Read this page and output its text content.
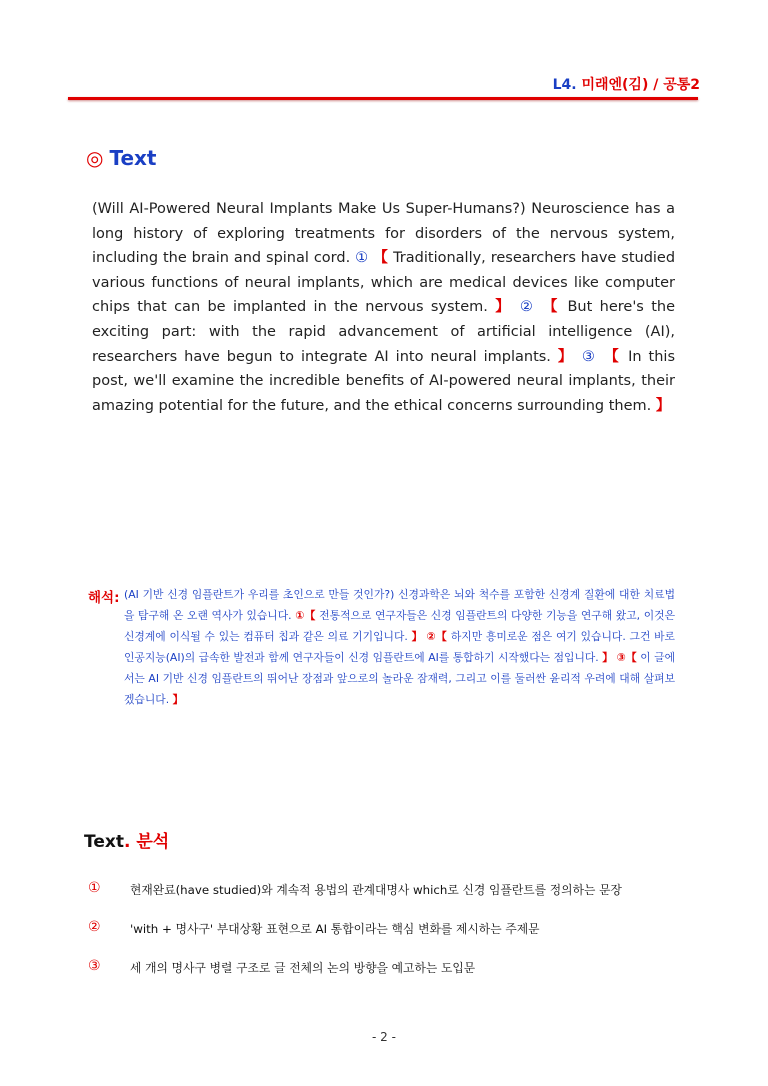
L4. 미래엔(김) / 공통2
◎ Text
(Will AI-Powered Neural Implants Make Us Super-Humans?) Neuroscience has a long history of exploring treatments for disorders of the nervous system, including the brain and spinal cord. ① 【 Traditionally, researchers have studied various functions of neural implants, which are medical devices like computer chips that can be implanted in the nervous system. 】 ② 【 But here's the exciting part: with the rapid advancement of artificial intelligence (AI), researchers have begun to integrate AI into neural implants. 】 ③ 【 In this post, we'll examine the incredible benefits of AI-powered neural implants, their amazing potential for the future, and the ethical concerns surrounding them. 】
해석: (AI 기반 신경 임플란트가 우리를 초인으로 만들 것인가?) 신경과학은 뇌와 척수를 포함한 신경계 질환에 대한 치료법을 탐구해 온 오랜 역사가 있습니다. ①【 전통적으로 연구자들은 신경 임플란트의 다양한 기능을 연구해 왔고, 이것은 신경계에 이식될 수 있는 컴퓨터 칩과 같은 의료 기기입니다. 】 ②【 하지만 흥미로운 점은 여기 있습니다. 그건 바로 인공지능(AI)의 급속한 발전과 함께 연구자들이 신경 임플란트에 AI를 통합하기 시작했다는 점입니다. 】 ③【 이 글에서는 AI 기반 신경 임플란트의 뛰어난 장점과 앞으로의 놀라운 잠재력, 그리고 이를 둘러싼 윤리적 우려에 대해 살펴보겠습니다. 】
Text. 분석
① 현재완료(have studied)와 계속적 용법의 관계대명사 which로 신경 임플란트를 정의하는 문장
② 'with + 명사구' 부대상황 표현으로 AI 통합이라는 핵심 변화를 제시하는 주제문
③ 세 개의 명사구 병렬 구조로 글 전체의 논의 방향을 예고하는 도입문
- 2 -
